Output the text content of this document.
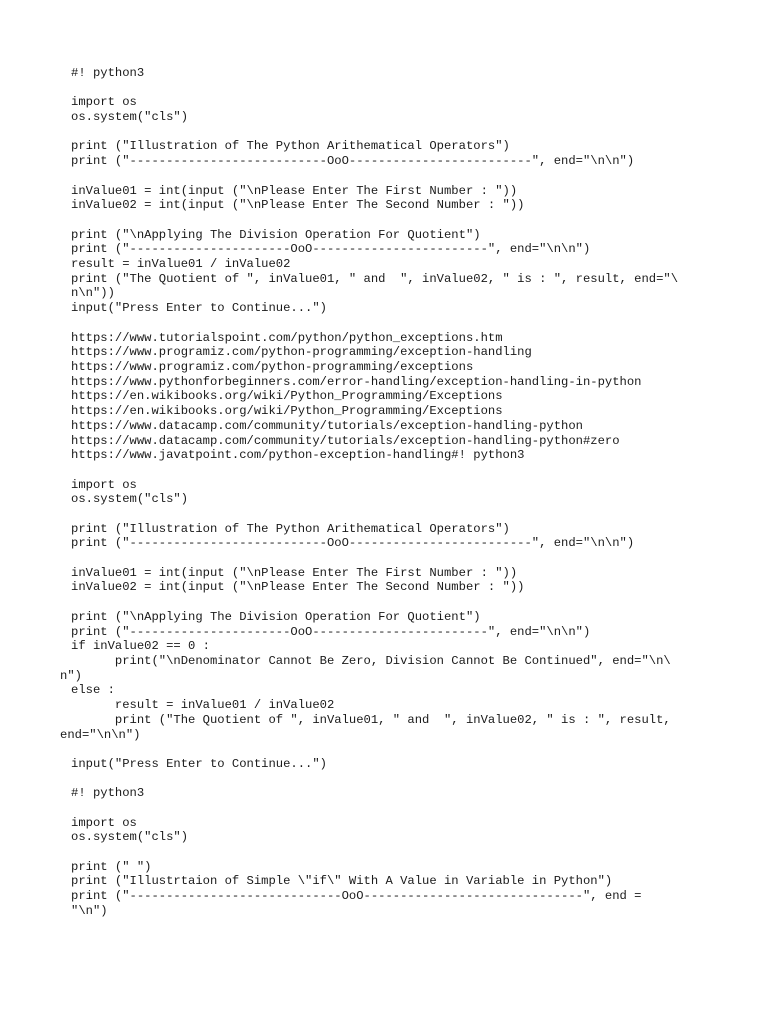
#! python3
import os
os.system("cls")
print ("Illustration of The Python Arithematical Operators")
print ("---------------------------OoO-------------------------", end="\n\n")
inValue01 = int(input ("\nPlease Enter The First Number : "))
inValue02 = int(input ("\nPlease Enter The Second Number : "))
print ("\nApplying The Division Operation For Quotient")
print ("----------------------OoO------------------------", end="\n\n")
result = inValue01 / inValue02
print ("The Quotient of ", inValue01, " and  ", inValue02, " is : ", result, end="\
n\n"))
input("Press Enter to Continue...")
https://www.tutorialspoint.com/python/python_exceptions.htm
https://www.programiz.com/python-programming/exception-handling
https://www.programiz.com/python-programming/exceptions
https://www.pythonforbeginners.com/error-handling/exception-handling-in-python
https://en.wikibooks.org/wiki/Python_Programming/Exceptions
https://en.wikibooks.org/wiki/Python_Programming/Exceptions
https://www.datacamp.com/community/tutorials/exception-handling-python
https://www.datacamp.com/community/tutorials/exception-handling-python#zero
https://www.javatpoint.com/python-exception-handling#! python3
import os
os.system("cls")
print ("Illustration of The Python Arithematical Operators")
print ("---------------------------OoO-------------------------", end="\n\n")
inValue01 = int(input ("\nPlease Enter The First Number : "))
inValue02 = int(input ("\nPlease Enter The Second Number : "))
print ("\nApplying The Division Operation For Quotient")
print ("----------------------OoO------------------------", end="\n\n")
if inValue02 == 0 :
print("\nDenominator Cannot Be Zero, Division Cannot Be Continued", end="\n\
n")
else :
result = inValue01 / inValue02
print ("The Quotient of ", inValue01, " and  ", inValue02, " is : ", result,
end="\n\n")
input("Press Enter to Continue...")
#! python3
import os
os.system("cls")
print (" ")
print ("Illustrtaion of Simple \"if\" With A Value in Variable in Python")
print ("-----------------------------OoO------------------------------", end =
"\n")
